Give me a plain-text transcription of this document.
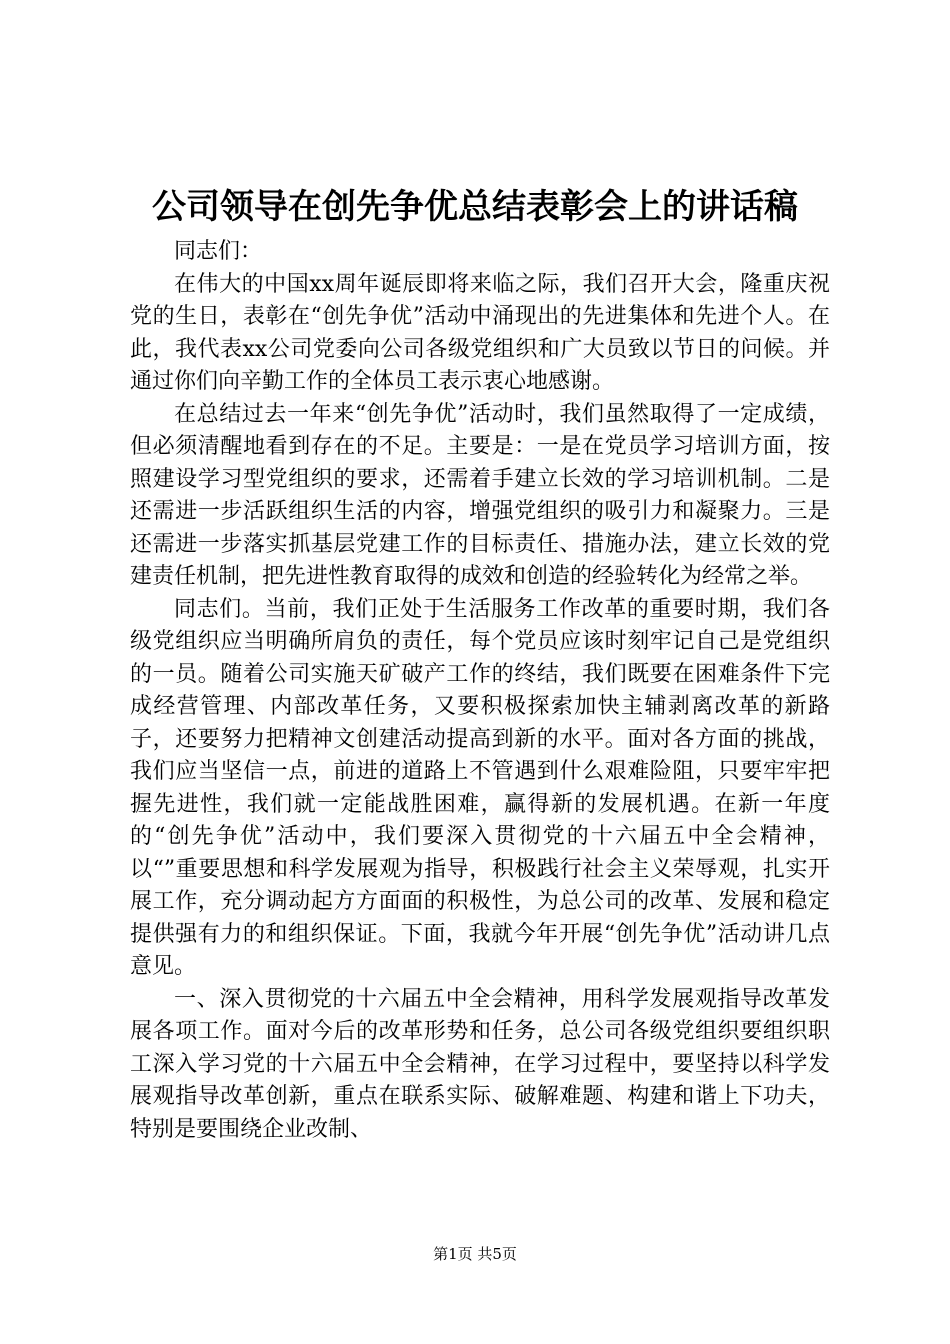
公司领导在创先争优总结表彰会上的讲话稿

同志们：

在伟大的中国xx周年诞辰即将来临之际，我们召开大会，隆重庆祝党的生日，表彰在“创先争优”活动中涌现出的先进集体和先进个人。在此，我代表xx公司党委向公司各级党组织和广大员致以节日的问候。并通过你们向辛勤工作的全体员工表示衷心地感谢。

在总结过去一年来“创先争优”活动时，我们虽然取得了一定成绩，但必须清醒地看到存在的不足。主要是：一是在党员学习培训方面，按照建设学习型党组织的要求，还需着手建立长效的学习培训机制。二是还需进一步活跃组织生活的内容，增强党组织的吸引力和凝聚力。三是还需进一步落实抓基层党建工作的目标责任、措施办法，建立长效的党建责任机制，把先进性教育取得的成效和创造的经验转化为经常之举。

同志们。当前，我们正处于生活服务工作改革的重要时期，我们各级党组织应当明确所肩负的责任，每个党员应该时刻牢记自己是党组织的一员。随着公司实施天矿破产工作的终结，我们既要在困难条件下完成经营管理、内部改革任务，又要积极探索加快主辅剥离改革的新路子，还要努力把精神文创建活动提高到新的水平。面对各方面的挑战，我们应当坚信一点，前进的道路上不管遇到什么艰难险阻，只要牢牢把握先进性，我们就一定能战胜困难，赢得新的发展机遇。在新一年度的“创先争优”活动中，我们要深入贯彻党的十六届五中全会精神，以“”重要思想和科学发展观为指导，积极践行社会主义荣辱观，扎实开展工作，充分调动起方方面面的积极性，为总公司的改革、发展和稳定提供强有力的和组织保证。下面，我就今年开展“创先争优”活动讲几点意见。

一、深入贯彻党的十六届五中全会精神，用科学发展观指导改革发展各项工作。面对今后的改革形势和任务，总公司各级党组织要组织职工深入学习党的十六届五中全会精神，在学习过程中，要坚持以科学发展观指导改革创新，重点在联系实际、破解难题、构建和谐上下功夫，特别是要围绕企业改制、

第1页 共5页
